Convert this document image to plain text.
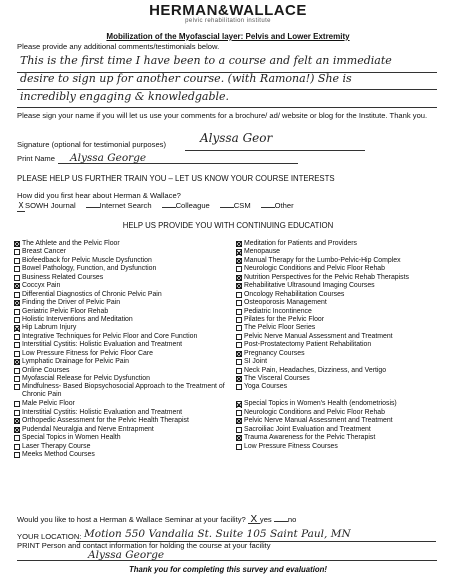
HERMAN&WALLACE
pelvic rehabilitation institute
Mobilization of the Myofascial layer: Pelvis and Lower Extremity
Please provide any additional comments/testimonials below.
This is the first time I have been to a course and felt an immediate
desire to sign up for another course. (with Ramona!) She is
incredibly engaging & knowledgable.
Please sign your name if you will let us use your comments for a brochure/ ad/ website or blog for the Institute. Thank you.
Signature (optional for testimonial purposes)	Alyssa Geor
Print Name Alyssa George
PLEASE HELP US FURTHER TRAIN YOU – LET US KNOW YOUR COURSE INTERESTS
How did you first hear about Herman & Wallace?
XSOWH Journal	Internet Search	Colleague	CSM	Other
HELP US PROVIDE YOU WITH CONTINUING EDUCATION
The Athlete and the Pelvic Floor
Breast Cancer
Biofeedback for Pelvic Muscle Dysfunction
Bowel Pathology, Function, and Dysfunction
Business Related Courses
Coccyx Pain
Differential Diagnostics of Chronic Pelvic Pain
Finding the Driver of Pelvic Pain
Geriatric Pelvic Floor Rehab
Holistic Interventions and Meditation
Hip Labrum Injury
Integrative Techniques for Pelvic Floor and Core Function
Interstitial Cystitis: Holistic Evaluation and Treatment
Low Pressure Fitness for Pelvic Floor Care
Lymphatic Drainage for Pelvic Pain
Online Courses
Myofascial Release for Pelvic Dysfunction
Mindfulness- Based Biopsychosocial Approach to the Treatment of Chronic Pain
Male Pelvic Floor
Interstitial Cystitis: Holistic Evaluation and Treatment
Orthopedic Assessment for the Pelvic Health Therapist
Pudendal Neuralgia and Nerve Entrapment
Special Topics in Women Health
Laser Therapy Course
Meeks Method Courses
Meditation for Patients and Providers
Menopause
Manual Therapy for the Lumbo-Pelvic-Hip Complex
Neurologic Conditions and Pelvic Floor Rehab
Nutrition Perspectives for the Pelvic Rehab Therapists
Rehabilitative Ultrasound Imaging Courses
Oncology Rehabilitation Courses
Osteoporosis Management
Pediatric Incontinence
Pilates for the Pelvic Floor
The Pelvic Floor Series
Pelvic Nerve Manual Assessment and Treatment
Post-Prostatectomy Patient Rehabilitation
Pregnancy Courses
SI Joint
Neck Pain, Headaches, Dizziness, and Vertigo
The Visceral Courses
Yoga Courses
Special Topics in Women's Health (endometriosis)
Neurologic Conditions and Pelvic Floor Rehab
Pelvic Nerve Manual Assessment and Treatment
Sacroiliac Joint Evaluation and Treatment
Trauma Awareness for the Pelvic Therapist
Low Pressure Fitness Courses
Would you like to host a Herman & Wallace Seminar at your facility? X yes no
YOUR LOCATION: Motion 550 Vandalia St. Suite 105 Saint Paul, MN
PRINT Person and contact information for holding the course at your facility
Alyssa George
Thank you for completing this survey and evaluation!
